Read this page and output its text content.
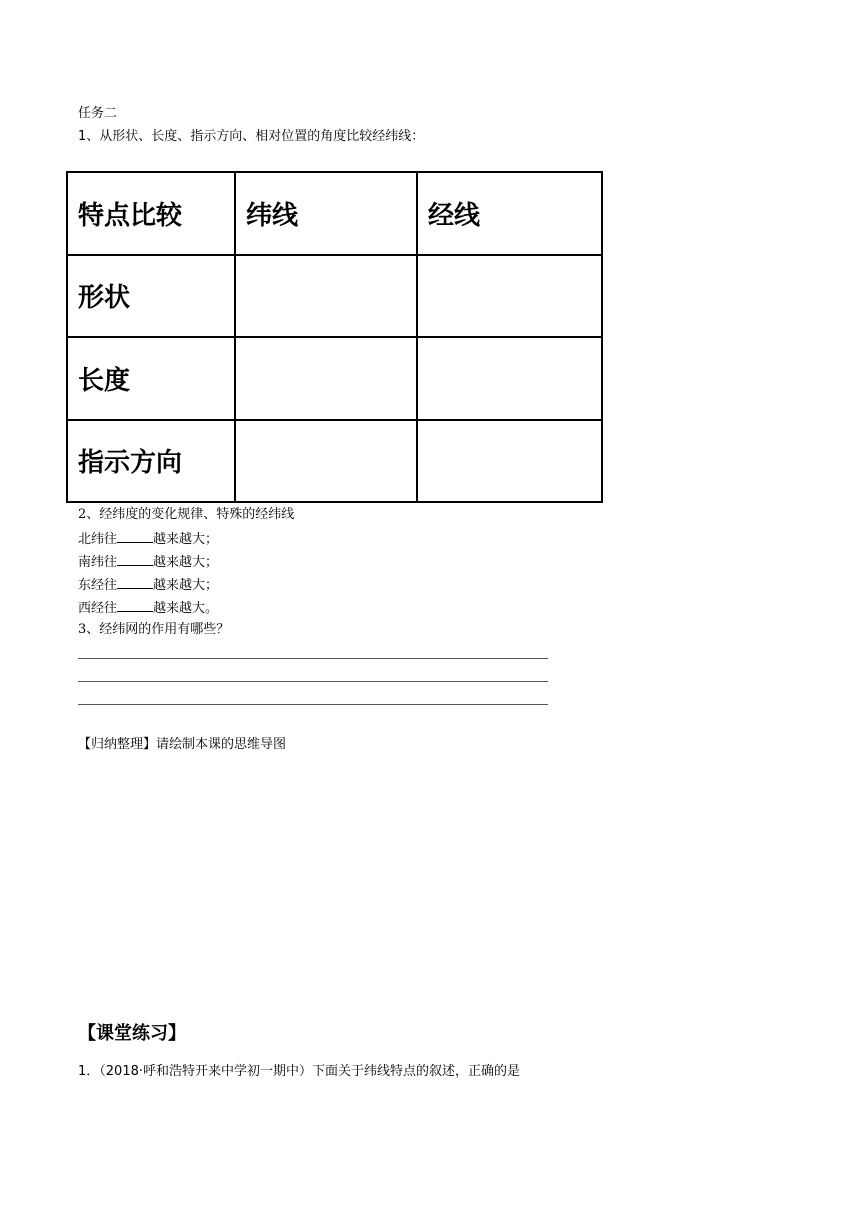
任务二
1、从形状、长度、指示方向、相对位置的角度比较经纬线：
特点比较	纬线	经线
形状		
长度		
指示方向		
2、经纬度的变化规律、特殊的经纬线
北纬往	越来越大；
南纬往	越来越大；
东经往	越来越大；
西经往	越来越大。
3、经纬网的作用有哪些？
【归纳整理】请绘制本课的思维导图
【课堂练习】
1．（2018·呼和浩特开来中学初一期中）下面关于纬线特点的叙述，正确的是
